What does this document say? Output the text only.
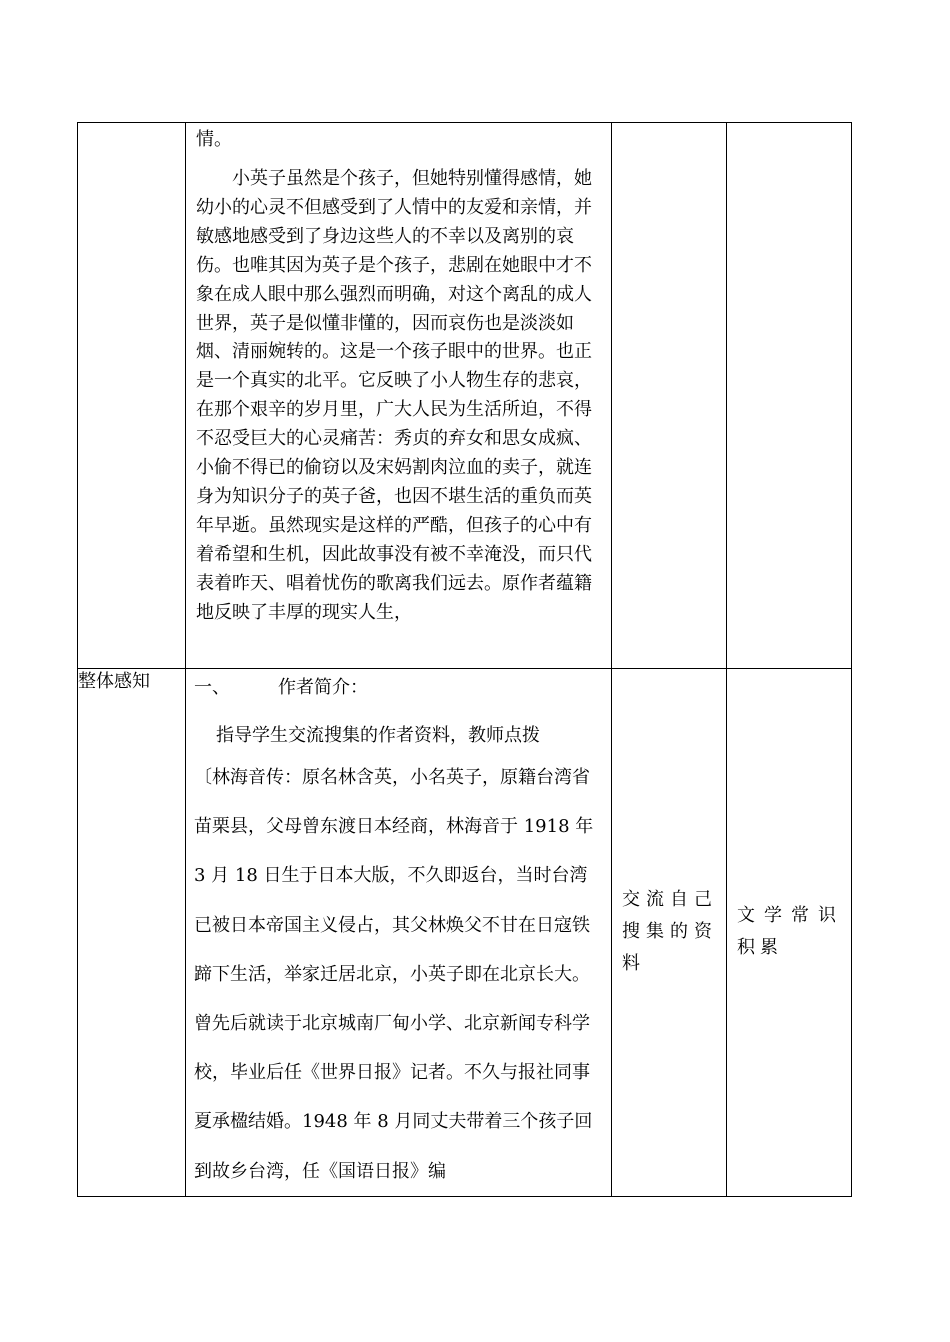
	情。

小英子虽然是个孩子，但她特别懂得感情，她幼小的心灵不但感受到了人情中的友爱和亲情，并敏感地感受到了身边这些人的不幸以及离别的哀伤。也唯其因为英子是个孩子，悲剧在她眼中才不象在成人眼中那么强烈而明确，对这个离乱的成人世界，英子是似懂非懂的，因而哀伤也是淡淡如烟、清丽婉转的。这是一个孩子眼中的世界。也正是一个真实的北平。它反映了小人物生存的悲哀，在那个艰辛的岁月里，广大人民为生活所迫，不得不忍受巨大的心灵痛苦：秀贞的弃女和思女成疯、小偷不得已的偷窃以及宋妈割肉泣血的卖子，就连身为知识分子的英子爸，也因不堪生活的重负而英年早逝。虽然现实是这样的严酷，但孩子的心中有着希望和生机，因此故事没有被不幸淹没，而只代表着昨天、唱着忧伤的歌离我们远去。原作者蕴籍地反映了丰厚的现实人生，		

整体感知	一、 作者简介：

指导学生交流搜集的作者资料，教师点拨

〔林海音传：原名林含英，小名英子，原籍台湾省苗栗县，父母曾东渡日本经商，林海音于 1918 年 3 月 18 日生于日本大版，不久即返台，当时台湾已被日本帝国主义侵占，其父林焕父不甘在日寇铁蹄下生活，举家迁居北京，小英子即在北京长大。曾先后就读于北京城南厂甸小学、北京新闻专科学校，毕业后任《世界日报》记者。不久与报社同事夏承楹结婚。1948 年 8 月同丈夫带着三个孩子回到故乡台湾，任《国语日报》编	交流自己搜集的资料	文学常识积累
